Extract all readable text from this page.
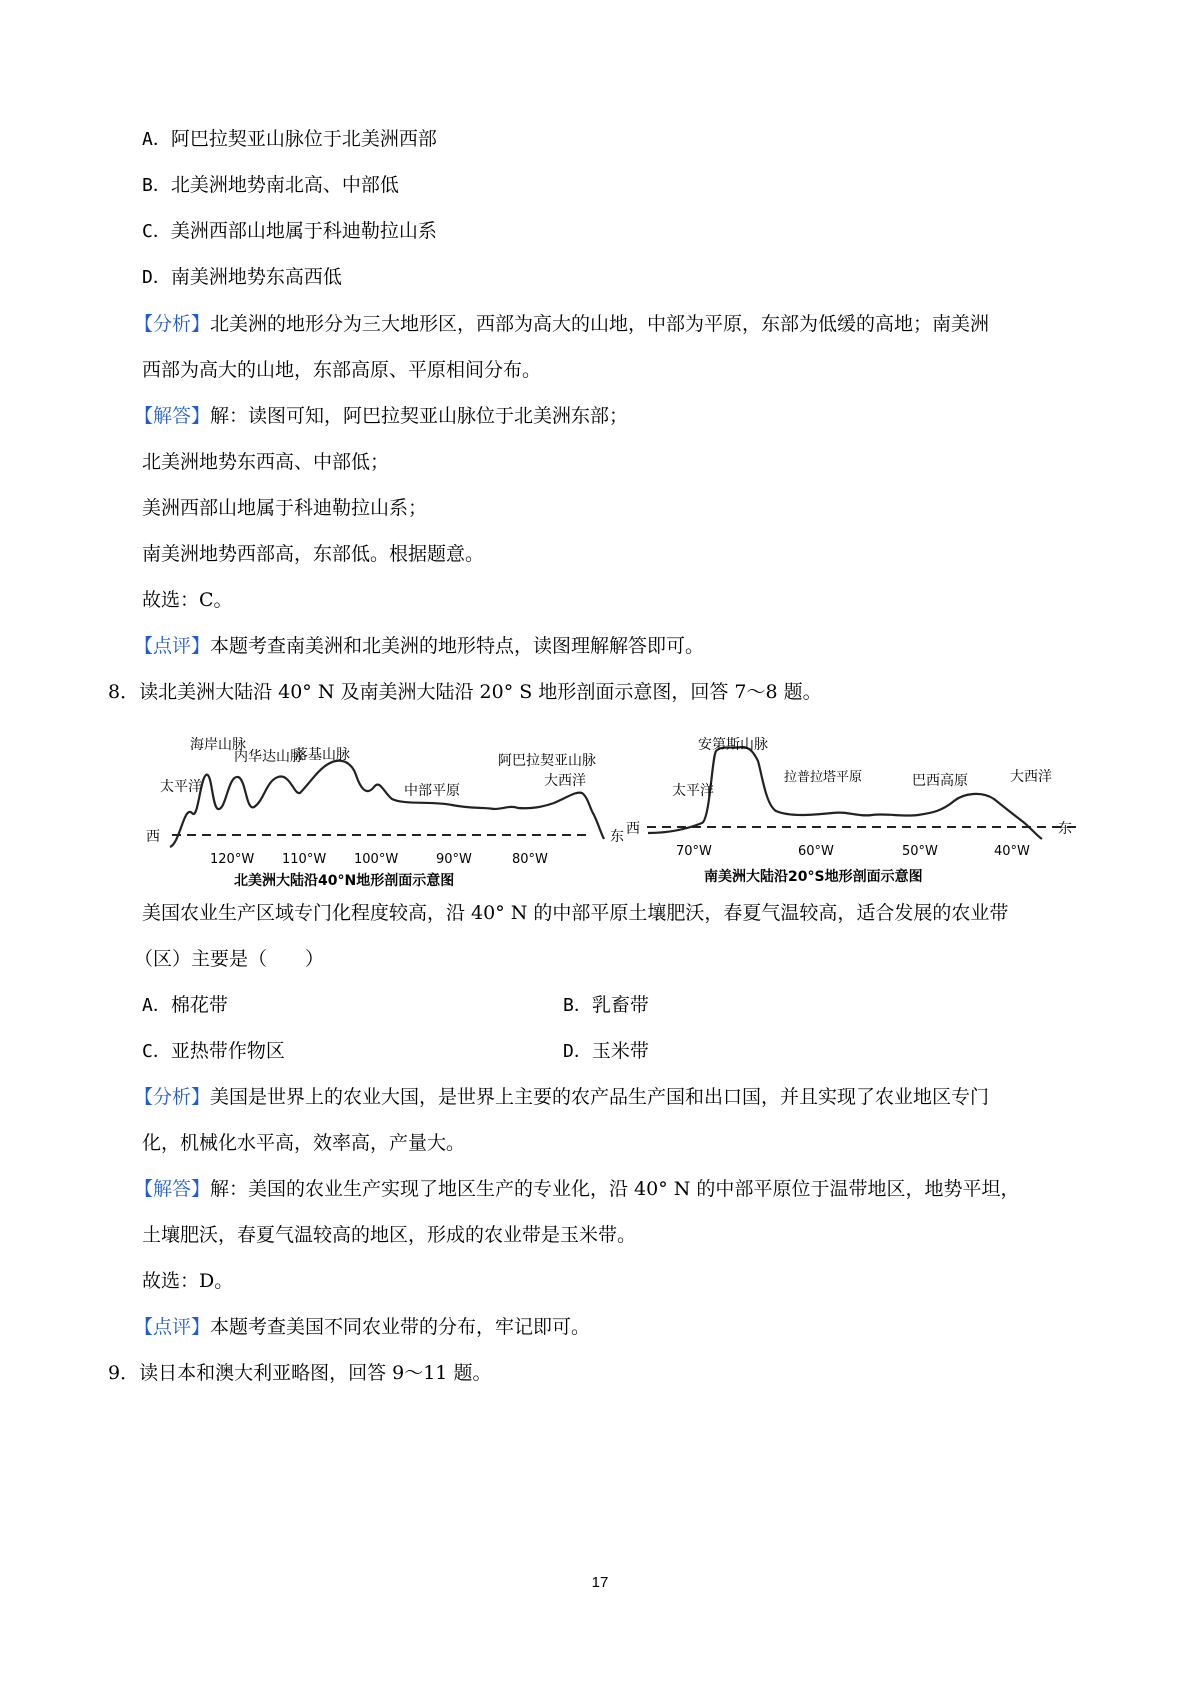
A．阿巴拉契亚山脉位于北美洲西部
B．北美洲地势南北高、中部低
C．美洲西部山地属于科迪勒拉山系
D．南美洲地势东高西低
【分析】北美洲的地形分为三大地形区，西部为高大的山地，中部为平原，东部为低缓的高地；南美洲
西部为高大的山地，东部高原、平原相间分布。
【解答】解：读图可知，阿巴拉契亚山脉位于北美洲东部；
北美洲地势东西高、中部低；
美洲西部山地属于科迪勒拉山系；
南美洲地势西部高，东部低。根据题意。
故选：C。
【点评】本题考查南美洲和北美洲的地形特点，读图理解解答即可。
8．读北美洲大陆沿 40° N 及南美洲大陆沿 20° S 地形剖面示意图，回答 7～8 题。
海岸山脉
内华达山脉
落基山脉
中部平原
阿巴拉契亚山脉
太平洋	大西洋
西	东
120°W 110°W 100°W	90°W	80°W
北美洲大陆沿40°N地形剖面示意图
安第斯山脉
拉普拉塔平原	巴西高原
太平洋
大西洋
西	东
70°W	60°W	50°W	40°W
南美洲大陆沿20°S地形剖面示意图
美国农业生产区域专门化程度较高，沿 40° N 的中部平原土壤肥沃，春夏气温较高，适合发展的农业带
（区）主要是（　　）
A．棉花带	B．乳畜带
C．亚热带作物区	D．玉米带
【分析】美国是世界上的农业大国，是世界上主要的农产品生产国和出口国，并且实现了农业地区专门
化，机械化水平高，效率高，产量大。
【解答】解：美国的农业生产实现了地区生产的专业化，沿 40° N 的中部平原位于温带地区，地势平坦，
土壤肥沃，春夏气温较高的地区，形成的农业带是玉米带。
故选：D。
【点评】本题考查美国不同农业带的分布，牢记即可。
9．读日本和澳大利亚略图，回答 9～11 题。
17
